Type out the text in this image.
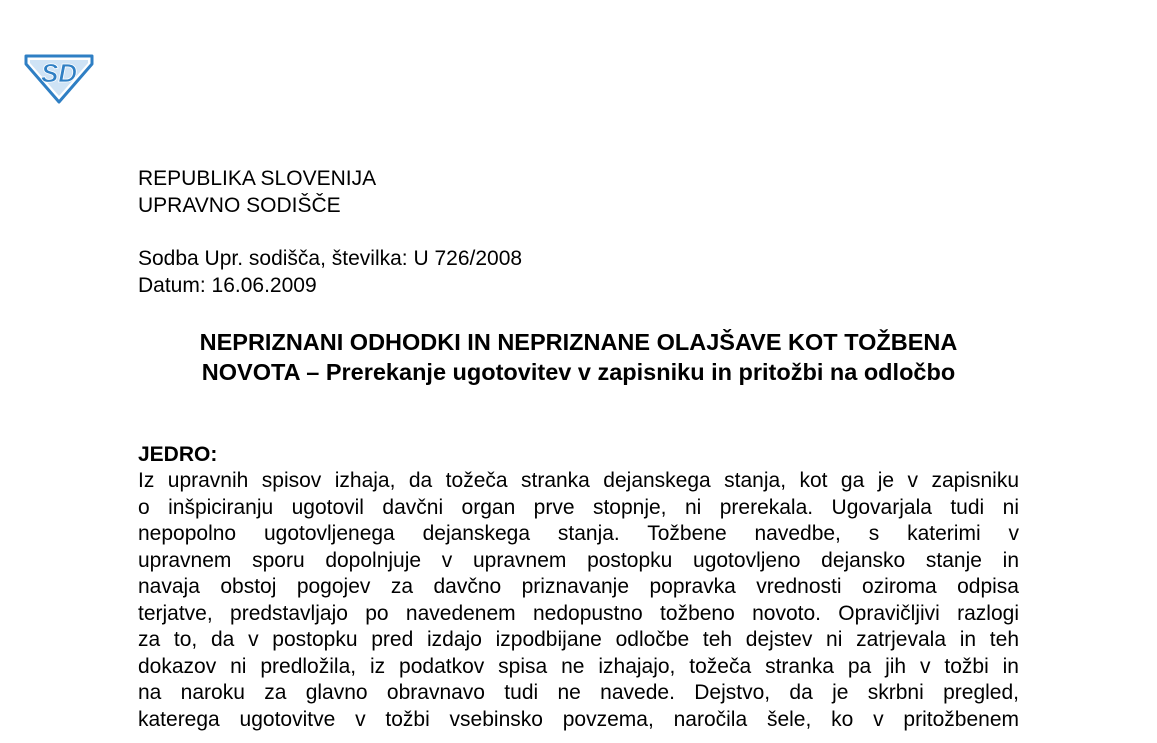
SD
REPUBLIKA SLOVENIJA
UPRAVNO SODIŠČE
Sodba Upr. sodišča, številka: U 726/2008
Datum: 16.06.2009
NEPRIZNANI ODHODKI IN NEPRIZNANE OLAJŠAVE KOT TOŽBENA
NOVOTA – Prerekanje ugotovitev v zapisniku in pritožbi na odločbo
JEDRO:
Iz upravnih spisov izhaja, da tožeča stranka dejanskega stanja, kot ga je v zapisniku
o inšpiciranju ugotovil davčni organ prve stopnje, ni prerekala. Ugovarjala tudi ni
nepopolno ugotovljenega dejanskega stanja. Tožbene navedbe, s katerimi v
upravnem sporu dopolnjuje v upravnem postopku ugotovljeno dejansko stanje in
navaja obstoj pogojev za davčno priznavanje popravka vrednosti oziroma odpisa
terjatve, predstavljajo po navedenem nedopustno tožbeno novoto. Opravičljivi razlogi
za to, da v postopku pred izdajo izpodbijane odločbe teh dejstev ni zatrjevala in teh
dokazov ni predložila, iz podatkov spisa ne izhajajo, tožeča stranka pa jih v tožbi in
na naroku za glavno obravnavo tudi ne navede. Dejstvo, da je skrbni pregled,
katerega ugotovitve v tožbi vsebinsko povzema, naročila šele, ko v pritožbenem
